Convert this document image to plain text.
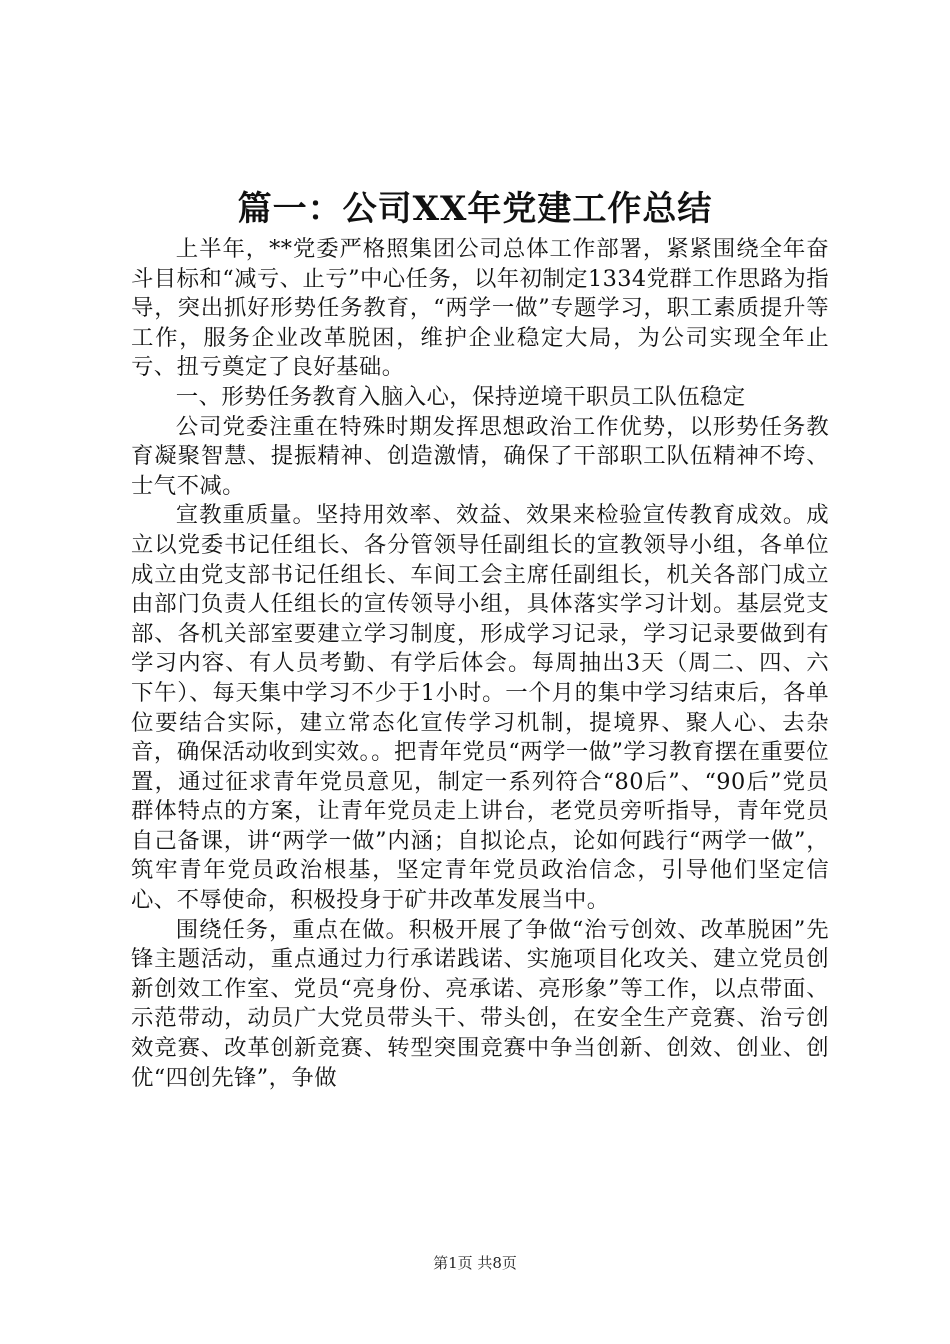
篇一：公司XX年党建工作总结

上半年，**党委严格照集团公司总体工作部署，紧紧围绕全年奋斗目标和“减亏、止亏”中心任务，以年初制定1334党群工作思路为指导，突出抓好形势任务教育，“两学一做”专题学习，职工素质提升等工作，服务企业改革脱困，维护企业稳定大局，为公司实现全年止亏、扭亏奠定了良好基础。

一、形势任务教育入脑入心，保持逆境干职员工队伍稳定

公司党委注重在特殊时期发挥思想政治工作优势，以形势任务教育凝聚智慧、提振精神、创造激情，确保了干部职工队伍精神不垮、士气不减。

宣教重质量。坚持用效率、效益、效果来检验宣传教育成效。成立以党委书记任组长、各分管领导任副组长的宣教领导小组，各单位成立由党支部书记任组长、车间工会主席任副组长，机关各部门成立由部门负责人任组长的宣传领导小组，具体落实学习计划。基层党支部、各机关部室要建立学习制度，形成学习记录，学习记录要做到有学习内容、有人员考勤、有学后体会。每周抽出3天（周二、四、六下午）、每天集中学习不少于1小时。一个月的集中学习结束后，各单位要结合实际，建立常态化宣传学习机制，提境界、聚人心、去杂音，确保活动收到实效。。把青年党员“两学一做”学习教育摆在重要位置，通过征求青年党员意见，制定一系列符合“80后”、“90后”党员群体特点的方案，让青年党员走上讲台，老党员旁听指导，青年党员自己备课，讲“两学一做”内涵；自拟论点，论如何践行“两学一做”，筑牢青年党员政治根基，坚定青年党员政治信念，引导他们坚定信心、不辱使命，积极投身于矿井改革发展当中。

围绕任务，重点在做。积极开展了争做“治亏创效、改革脱困”先锋主题活动，重点通过力行承诺践诺、实施项目化攻关、建立党员创新创效工作室、党员“亮身份、亮承诺、亮形象”等工作，以点带面、示范带动，动员广大党员带头干、带头创，在安全生产竞赛、治亏创效竞赛、改革创新竞赛、转型突围竞赛中争当创新、创效、创业、创优“四创先锋”，争做

第1页 共8页
